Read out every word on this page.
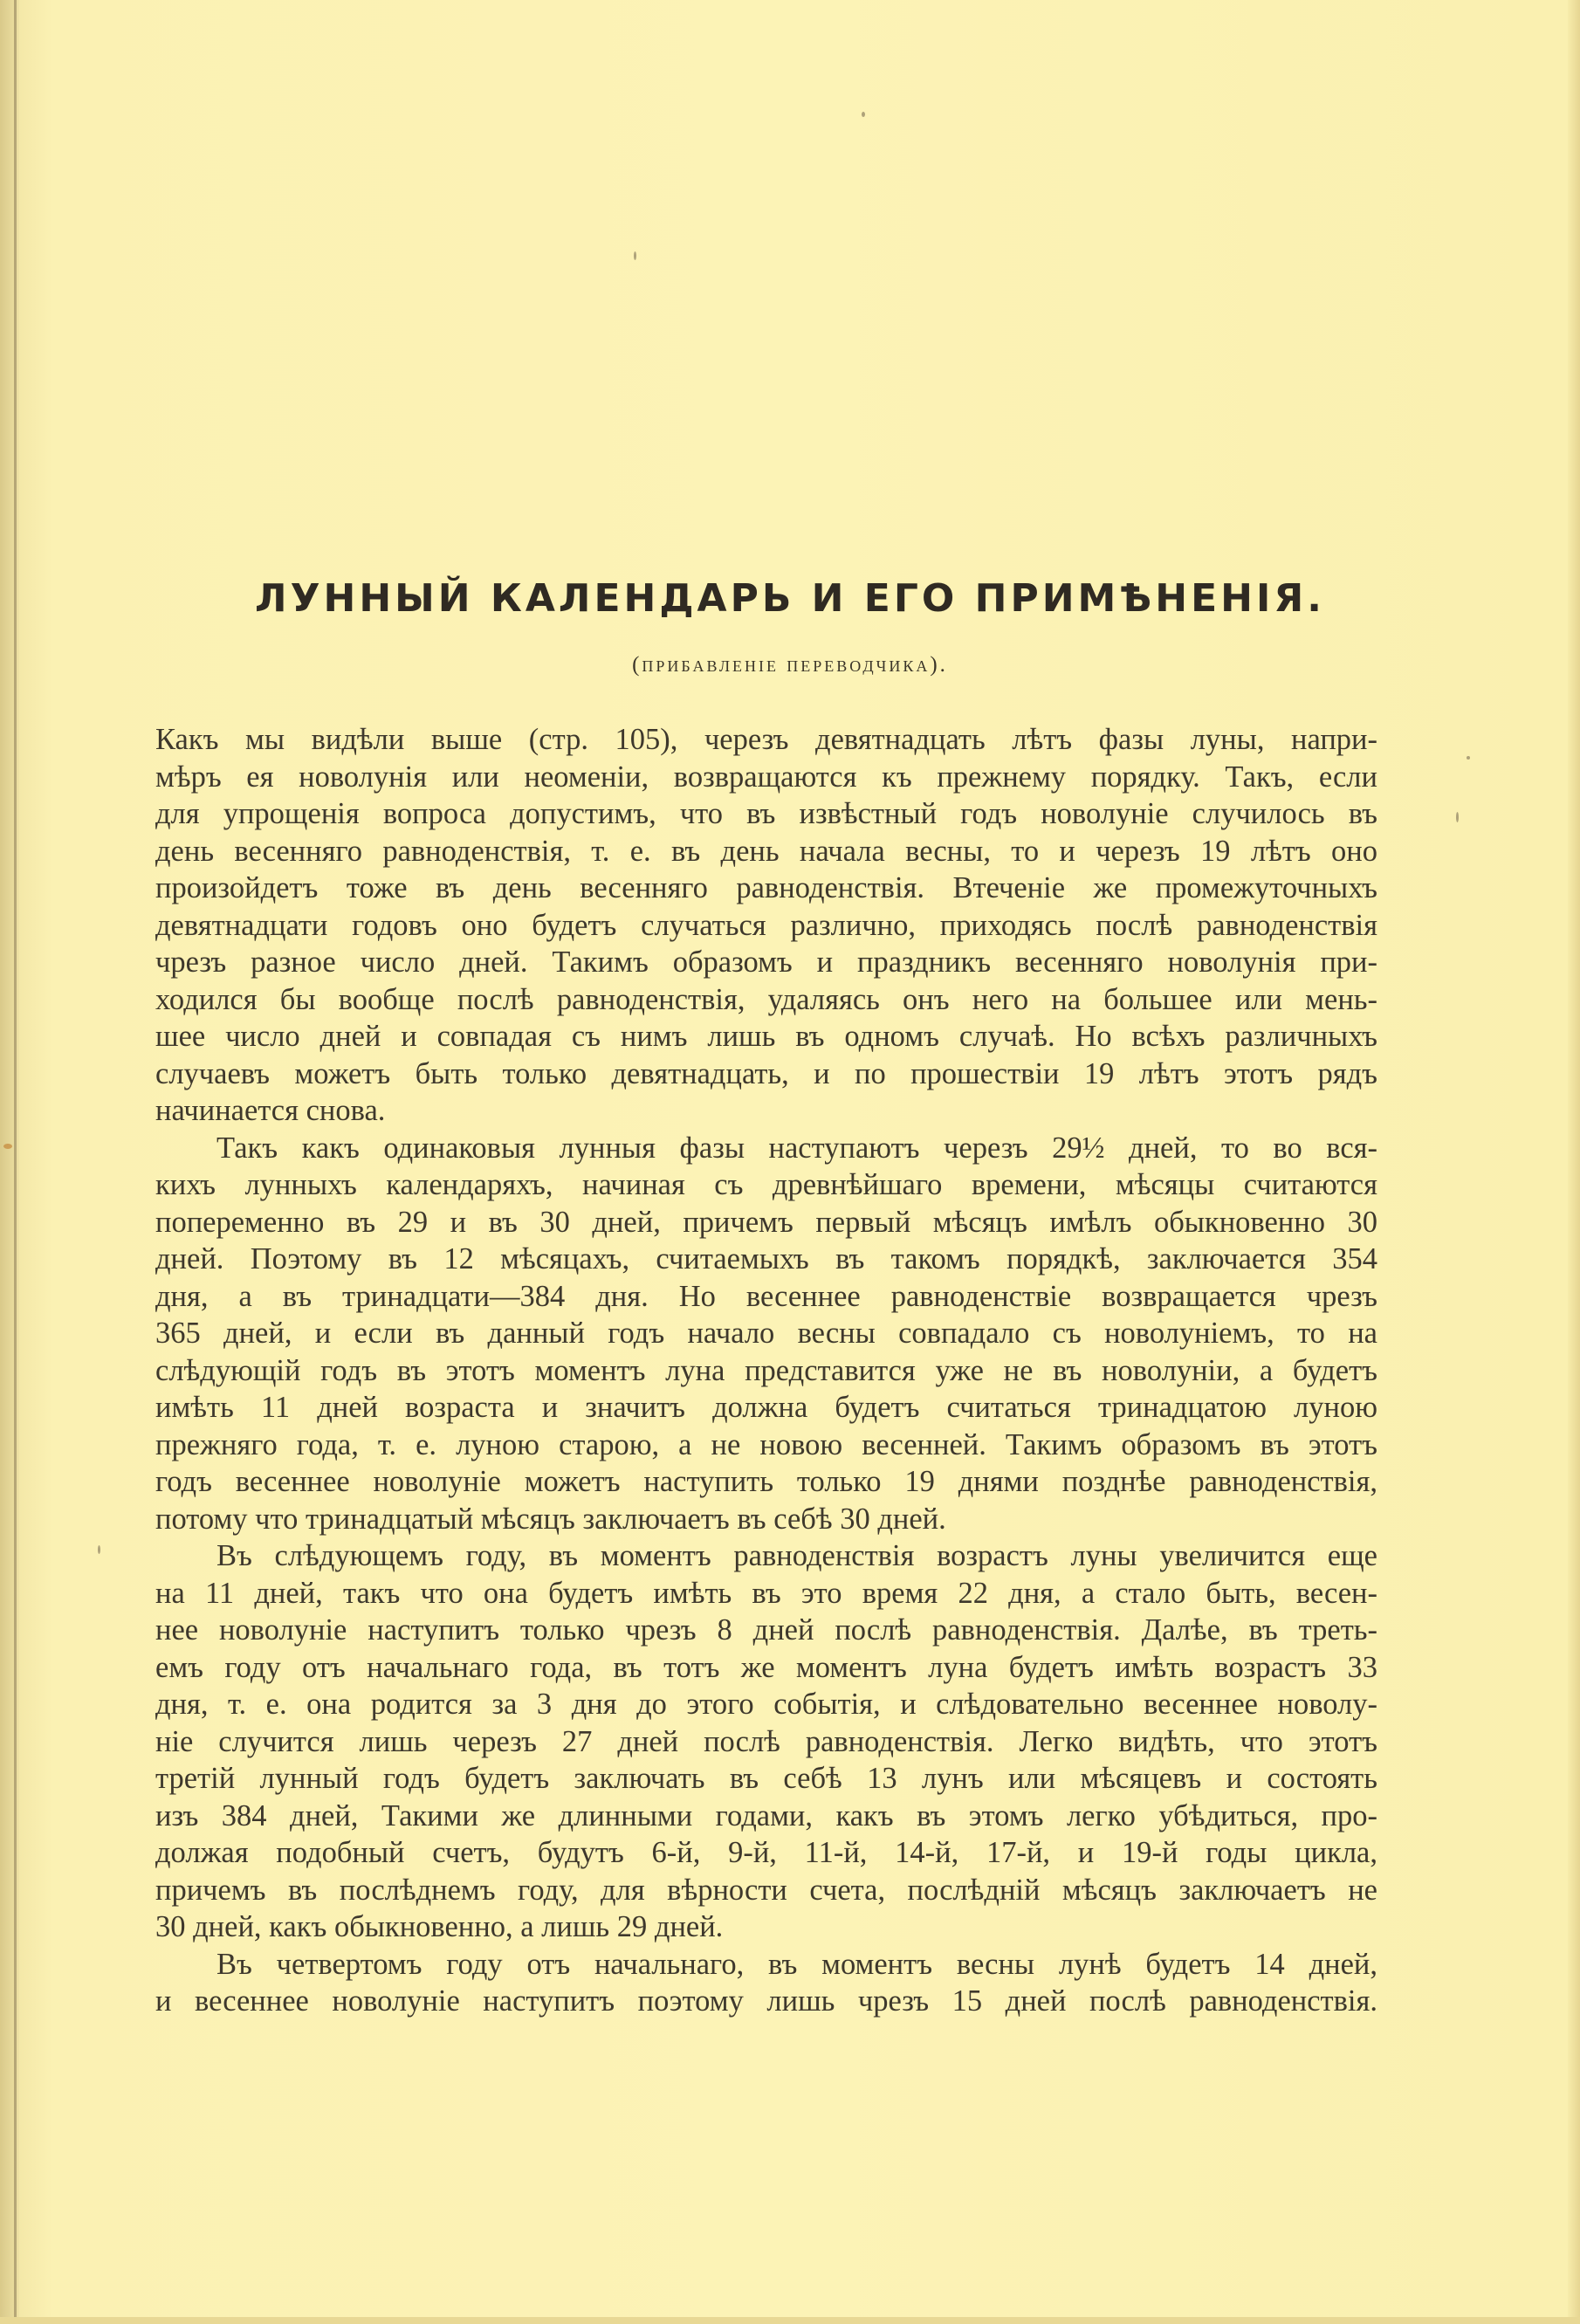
ЛУННЫЙ КАЛЕНДАРЬ И ЕГО ПРИМѢНЕНІЯ.
(прибавленіе переводчика).
Какъ мы видѣли выше (стр. 105), черезъ девятнадцать лѣтъ фазы луны, напри-
мѣръ ея новолунія или неоменіи, возвращаются къ прежнему порядку. Такъ, если
для упрощенія вопроса допустимъ, что въ извѣстный годъ новолуніе случилось въ
день весенняго равноденствія, т. е. въ день начала весны, то и черезъ 19 лѣтъ оно
произойдетъ тоже въ день весенняго равноденствія. Втеченіе же промежуточныхъ
девятнадцати годовъ оно будетъ случаться различно, приходясь послѣ равноденствія
чрезъ разное число дней. Такимъ образомъ и праздникъ весенняго новолунія при-
ходился бы вообще послѣ равноденствія, удаляясь онъ него на большее или мень-
шее число дней и совпадая съ нимъ лишь въ одномъ случаѣ. Но всѣхъ различныхъ
случаевъ можетъ быть только девятнадцать, и по прошествіи 19 лѣтъ этотъ рядъ
начинается снова.
Такъ какъ одинаковыя лунныя фазы наступаютъ черезъ 29½ дней, то во вся-
кихъ лунныхъ календаряхъ, начиная съ древнѣйшаго времени, мѣсяцы считаются
попеременно въ 29 и въ 30 дней, причемъ первый мѣсяцъ имѣлъ обыкновенно 30
дней. Поэтому въ 12 мѣсяцахъ, считаемыхъ въ такомъ порядкѣ, заключается 354
дня, а въ тринадцати—384 дня. Но весеннее равноденствіе возвращается чрезъ
365 дней, и если въ данный годъ начало весны совпадало съ новолуніемъ, то на
слѣдующій годъ въ этотъ моментъ луна представится уже не въ новолуніи, а будетъ
имѣть 11 дней возраста и значитъ должна будетъ считаться тринадцатою луною
прежняго года, т. е. луною старою, а не новою весенней. Такимъ образомъ въ этотъ
годъ весеннее новолуніе можетъ наступить только 19 днями позднѣе равноденствія,
потому что тринадцатый мѣсяцъ заключаетъ въ себѣ 30 дней.
Въ слѣдующемъ году, въ моментъ равноденствія возрастъ луны увеличится еще
на 11 дней, такъ что она будетъ имѣть въ это время 22 дня, а стало быть, весен-
нее новолуніе наступитъ только чрезъ 8 дней послѣ равноденствія. Далѣе, въ треть-
емъ году отъ начальнаго года, въ тотъ же моментъ луна будетъ имѣть возрастъ 33
дня, т. е. она родится за 3 дня до этого событія, и слѣдовательно весеннее новолу-
ніе случится лишь черезъ 27 дней послѣ равноденствія. Легко видѣть, что этотъ
третій лунный годъ будетъ заключать въ себѣ 13 лунъ или мѣсяцевъ и состоять
изъ 384 дней, Такими же длинными годами, какъ въ этомъ легко убѣдиться, про-
должая подобный счетъ, будутъ 6-й, 9-й, 11-й, 14-й, 17-й, и 19-й годы цикла,
причемъ въ послѣднемъ году, для вѣрности счета, послѣдній мѣсяцъ заключаетъ не
30 дней, какъ обыкновенно, а лишь 29 дней.
Въ четвертомъ году отъ начальнаго, въ моментъ весны лунѣ будетъ 14 дней,
и весеннее новолуніе наступитъ поэтому лишь чрезъ 15 дней послѣ равноденствія.
